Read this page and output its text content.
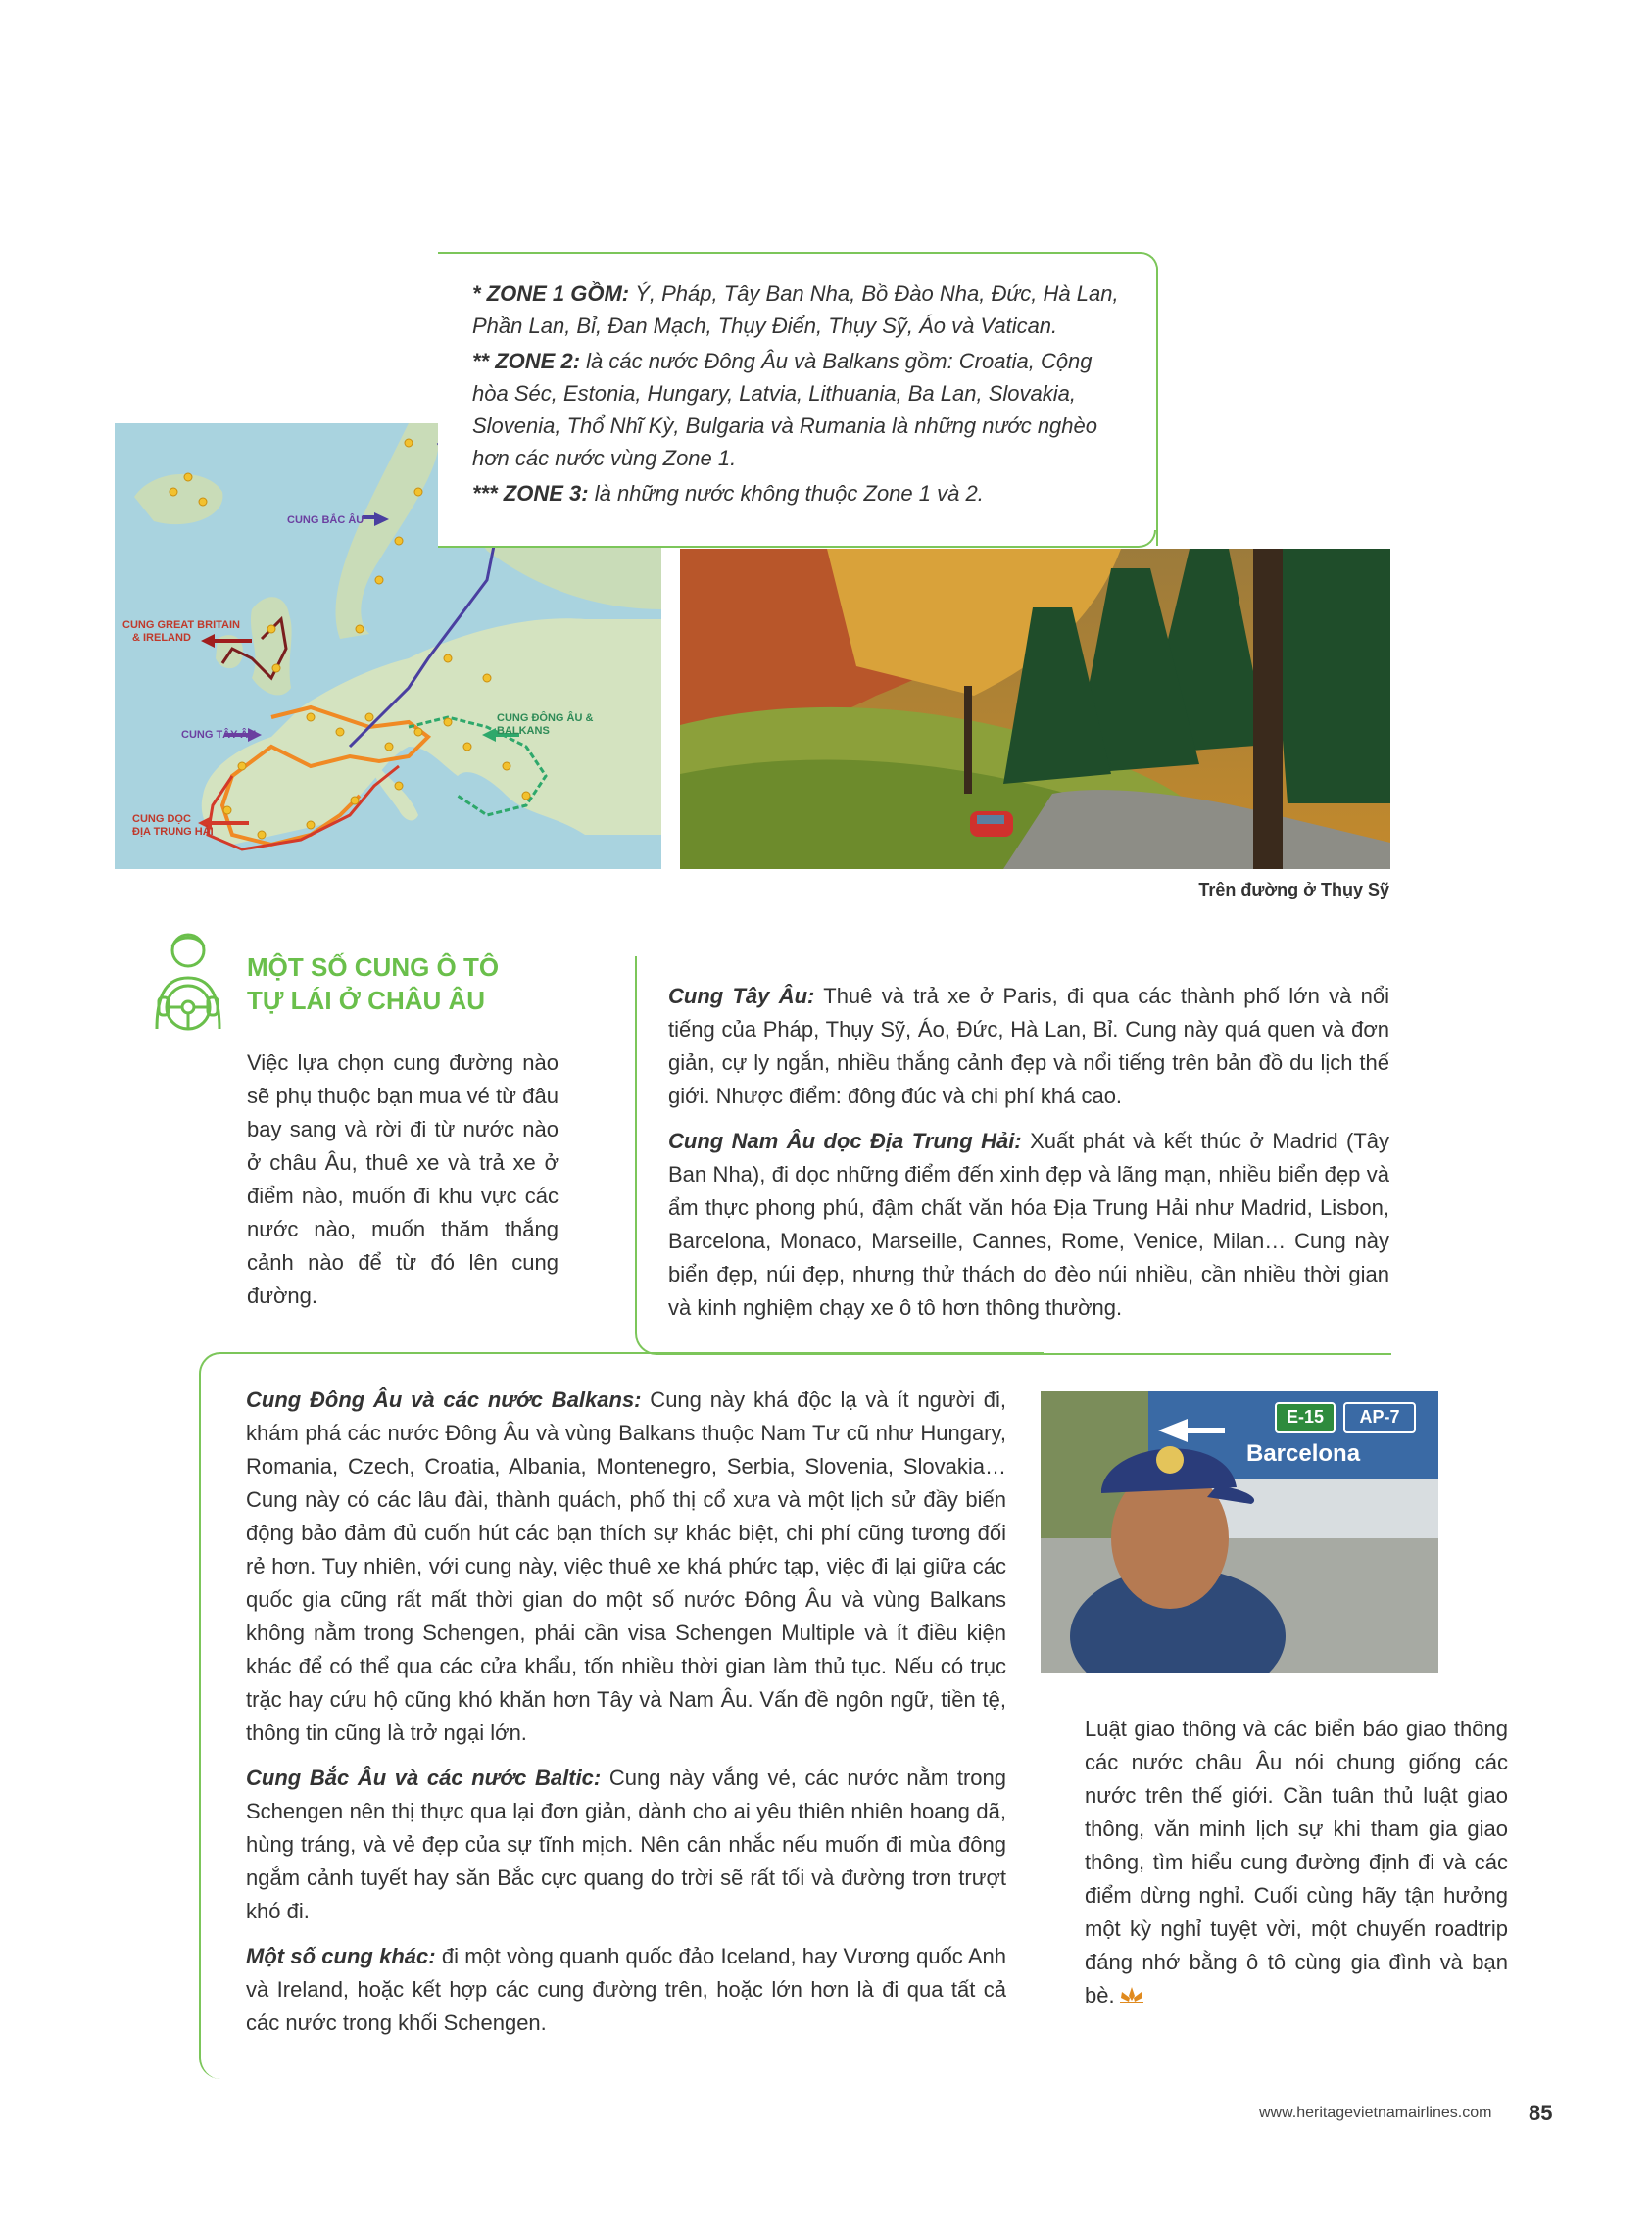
CUNG BẮC ÂU
CUNG GREAT BRITAIN
& IRELAND
CUNG TÂY ÂU
CUNG DỌC
ĐỊA TRUNG HẢI
CUNG ĐÔNG ÂU &
BALKANS

* ZONE 1 GỒM: Ý, Pháp, Tây Ban Nha, Bồ Đào Nha, Đức, Hà Lan, Phần Lan, Bỉ, Đan Mạch, Thụy Điển, Thụy Sỹ, Áo và Vatican.

** ZONE 2: là các nước Đông Âu và Balkans gồm: Croatia, Cộng hòa Séc, Estonia, Hungary, Latvia, Lithuania, Ba Lan, Slovakia, Slovenia, Thổ Nhĩ Kỳ, Bulgaria và Rumania là những nước nghèo hơn các nước vùng Zone 1.

*** ZONE 3: là những nước không thuộc Zone 1 và 2.

Trên đường ở Thụy Sỹ
MỘT SỐ CUNG Ô TÔ TỰ LÁI Ở CHÂU ÂU
Việc lựa chọn cung đường nào sẽ phụ thuộc bạn mua vé từ đâu bay sang và rời đi từ nước nào ở châu Âu, thuê xe và trả xe ở điểm nào, muốn đi khu vực các nước nào, muốn thăm thắng cảnh nào để từ đó lên cung đường.

Cung Tây Âu: Thuê và trả xe ở Paris, đi qua các thành phố lớn và nổi tiếng của Pháp, Thụy Sỹ, Áo, Đức, Hà Lan, Bỉ. Cung này quá quen và đơn giản, cự ly ngắn, nhiều thắng cảnh đẹp và nổi tiếng trên bản đồ du lịch thế giới. Nhược điểm: đông đúc và chi phí khá cao.

Cung Nam Âu dọc Địa Trung Hải: Xuất phát và kết thúc ở Madrid (Tây Ban Nha), đi dọc những điểm đến xinh đẹp và lãng mạn, nhiều biển đẹp và ẩm thực phong phú, đậm chất văn hóa Địa Trung Hải như Madrid, Lisbon, Barcelona, Monaco, Marseille, Cannes, Rome, Venice, Milan… Cung này biển đẹp, núi đẹp, nhưng thử thách do đèo núi nhiều, cần nhiều thời gian và kinh nghiệm chạy xe ô tô hơn thông thường.

Cung Đông Âu và các nước Balkans: Cung này khá độc lạ và ít người đi, khám phá các nước Đông Âu và vùng Balkans thuộc Nam Tư cũ như Hungary, Romania, Czech, Croatia, Albania, Montenegro, Serbia, Slovenia, Slovakia… Cung này có các lâu đài, thành quách, phố thị cổ xưa và một lịch sử đầy biến động bảo đảm đủ cuốn hút các bạn thích sự khác biệt, chi phí cũng tương đối rẻ hơn. Tuy nhiên, với cung này, việc thuê xe khá phức tạp, việc đi lại giữa các quốc gia cũng rất mất thời gian do một số nước Đông Âu và vùng Balkans không nằm trong Schengen, phải cần visa Schengen Multiple và ít điều kiện khác để có thể qua các cửa khẩu, tốn nhiều thời gian làm thủ tục. Nếu có trục trặc hay cứu hộ cũng khó khăn hơn Tây và Nam Âu. Vấn đề ngôn ngữ, tiền tệ, thông tin cũng là trở ngại lớn.

Cung Bắc Âu và các nước Baltic: Cung này vắng vẻ, các nước nằm trong Schengen nên thị thực qua lại đơn giản, dành cho ai yêu thiên nhiên hoang dã, hùng tráng, và vẻ đẹp của sự tĩnh mịch. Nên cân nhắc nếu muốn đi mùa đông ngắm cảnh tuyết hay săn Bắc cực quang do trời sẽ rất tối và đường trơn trượt khó đi.

Một số cung khác: đi một vòng quanh quốc đảo Iceland, hay Vương quốc Anh và Ireland, hoặc kết hợp các cung đường trên, hoặc lớn hơn là đi qua tất cả các nước trong khối Schengen.

E-15	AP-7
Barcelona
Luật giao thông và các biển báo giao thông các nước châu Âu nói chung giống các nước trên thế giới. Cần tuân thủ luật giao thông, văn minh lịch sự khi tham gia giao thông, tìm hiểu cung đường định đi và các điểm dừng nghỉ. Cuối cùng hãy tận hưởng một kỳ nghỉ tuyệt vời, một chuyến roadtrip đáng nhớ bằng ô tô cùng gia đình và bạn bè.
www.heritagevietnamairlines.com 85
